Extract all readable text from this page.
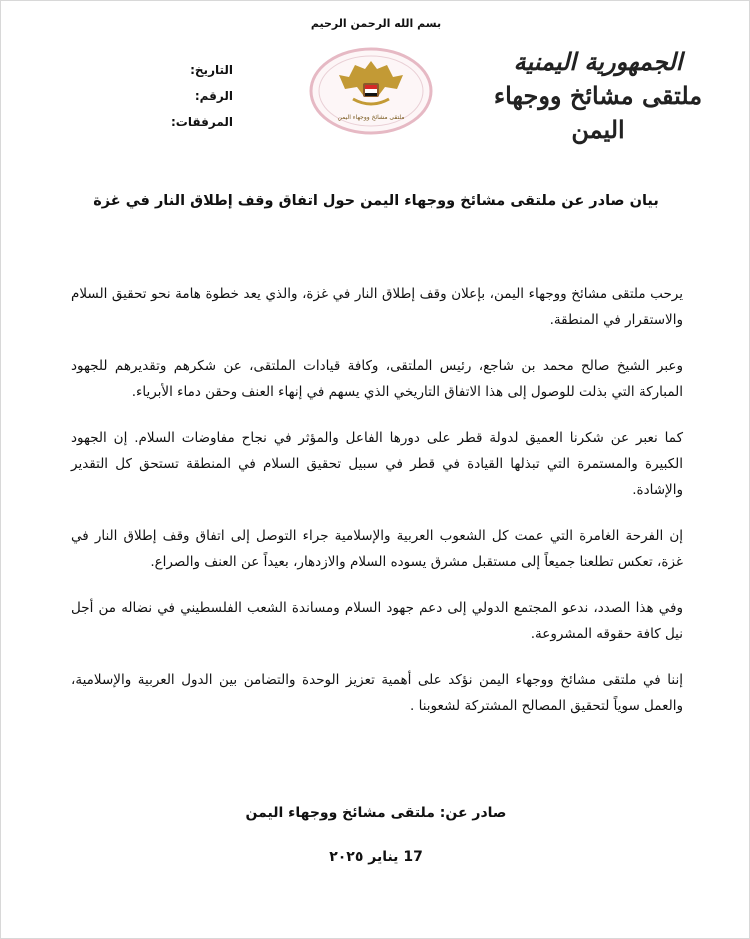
بسم الله الرحمن الرحيم
الجمهورية اليمنية
ملتقى مشائخ ووجهاء اليمن
ملتقى مشائخ ووجهاء اليمن
التاريخ:
الرقم:
المرفقات:
بيان صادر عن ملتقى مشائخ ووجهاء اليمن حول اتفاق وقف إطلاق النار في غزة

يرحب ملتقى مشائخ ووجهاء اليمن، بإعلان وقف إطلاق النار في غزة، والذي يعد خطوة هامة نحو تحقيق السلام والاستقرار في المنطقة.

وعبر الشيخ صالح محمد بن شاجع، رئيس الملتقى، وكافة قيادات الملتقى، عن شكرهم وتقديرهم للجهود المباركة التي بذلت للوصول إلى هذا الاتفاق التاريخي الذي يسهم في إنهاء العنف وحقن دماء الأبرياء.

كما نعبر عن شكرنا العميق لدولة قطر على دورها الفاعل والمؤثر في نجاح مفاوضات السلام. إن الجهود الكبيرة والمستمرة التي تبذلها القيادة في قطر في سبيل تحقيق السلام في المنطقة تستحق كل التقدير والإشادة.

إن الفرحة الغامرة التي عمت كل الشعوب العربية والإسلامية جراء التوصل إلى اتفاق وقف إطلاق النار في غزة، تعكس تطلعنا جميعاً إلى مستقبل مشرق يسوده السلام والازدهار، بعيداً عن العنف والصراع.

وفي هذا الصدد، ندعو المجتمع الدولي إلى دعم جهود السلام ومساندة الشعب الفلسطيني في نضاله من أجل نيل كافة حقوقه المشروعة.

إننا في ملتقى مشائخ ووجهاء اليمن نؤكد على أهمية تعزيز الوحدة والتضامن بين الدول العربية والإسلامية، والعمل سوياً لتحقيق المصالح المشتركة لشعوبنا .

صادر عن: ملتقى مشائخ ووجهاء اليمن
17 يناير ٢٠٢٥
